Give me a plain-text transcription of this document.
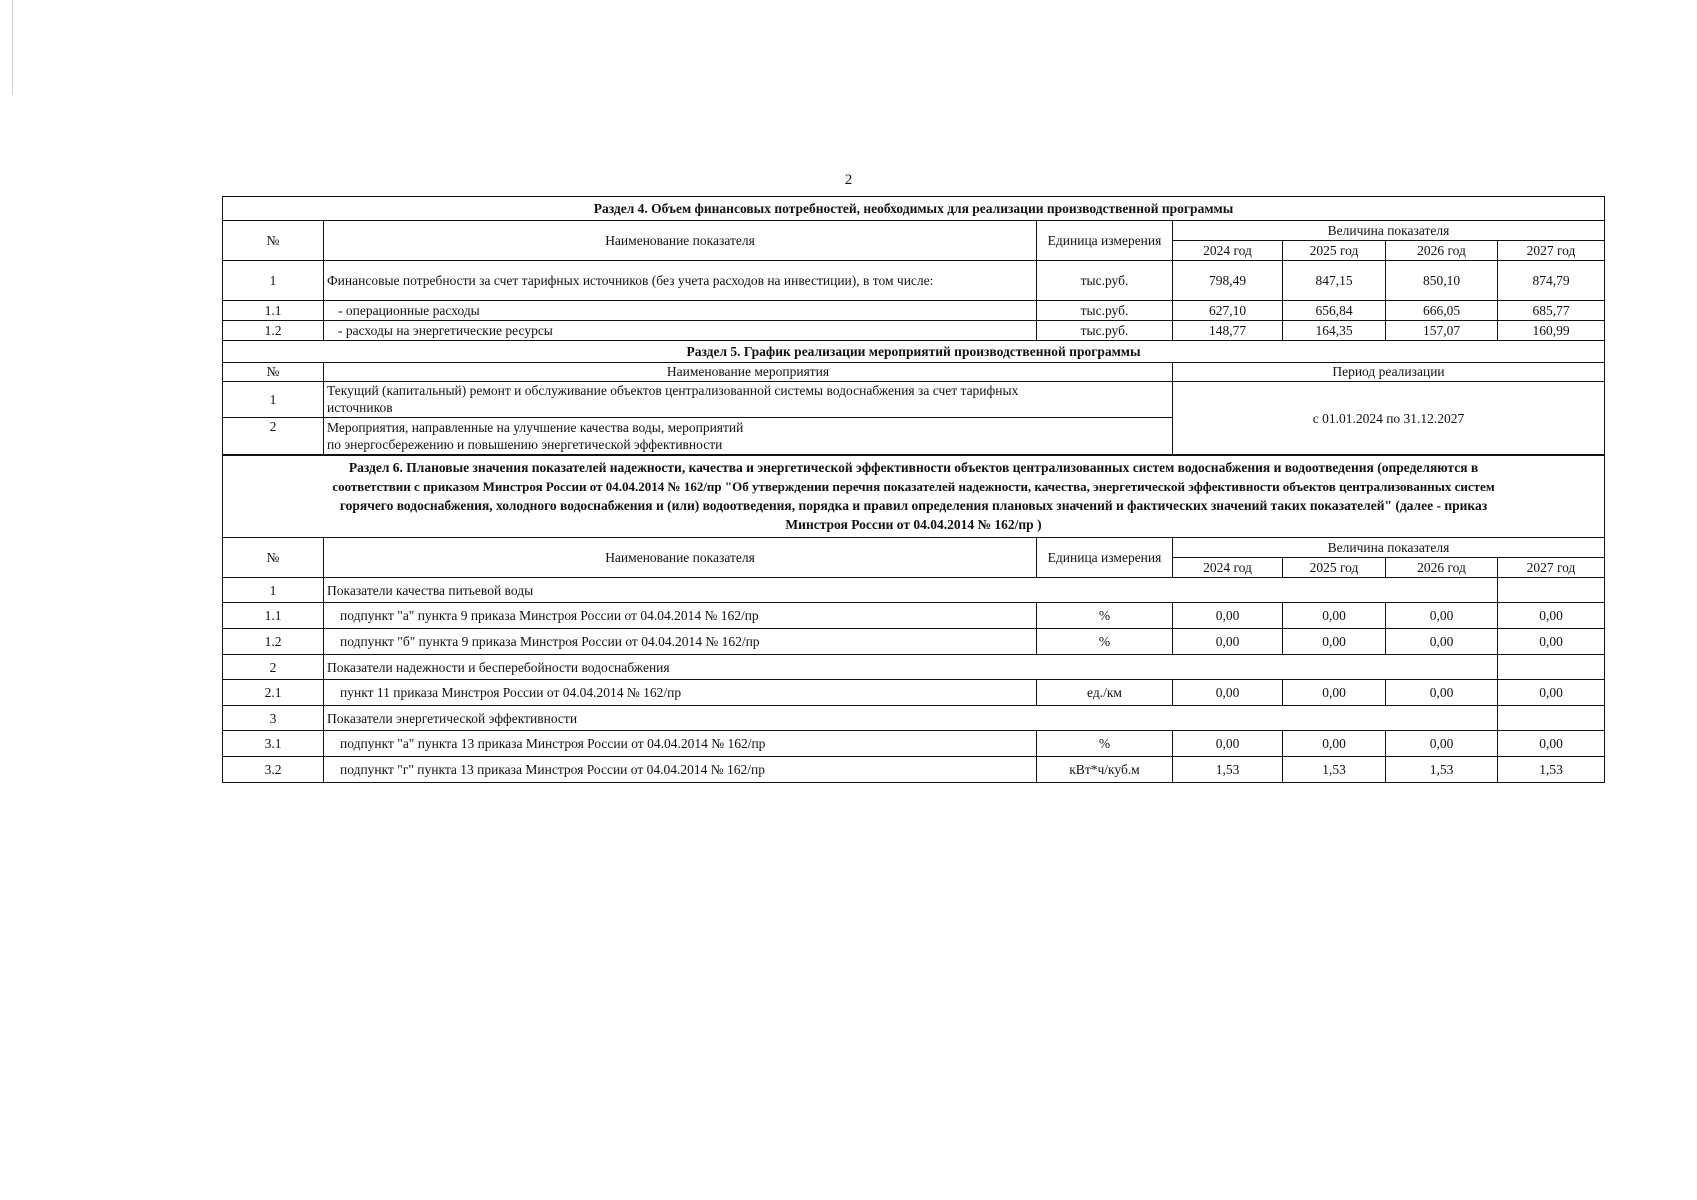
2
Раздел 4. Объем финансовых потребностей, необходимых для реализации производственной программы						
№	Наименование показателя	Единица измерения	Величина показателя			
			2024 год	2025 год	2026 год	2027 год
1	Финансовые потребности за счет тарифных источников (без учета расходов на инвестиции), в том числе:	тыс.руб.	798,49	847,15	850,10	874,79
1.1	- операционные расходы	тыс.руб.	627,10	656,84	666,05	685,77
1.2	- расходы на энергетические ресурсы	тыс.руб.	148,77	164,35	157,07	160,99
Раздел 5. График реализации мероприятий производственной программы		
№	Наименование мероприятия	Период реализации
1	Текущий (капитальный) ремонт и обслуживание объектов централизованной системы водоснабжения за счет тарифных
источников	с 01.01.2024 по 31.12.2027
2	Мероприятия, направленные на улучшение качества воды, мероприятий
по энергосбережению и повышению энергетической эффективности	
Раздел 6. Плановые значения показателей надежности, качества и энергетической эффективности объектов централизованных систем водоснабжения и водоотведения (определяются в
соответствии с приказом Минстроя России от 04.04.2014 № 162/пр "Об утверждении перечня показателей надежности, качества, энергетической эффективности объектов централизованных систем
горячего водоснабжения, холодного водоснабжения и (или) водоотведения, порядка и правил определения плановых значений и фактических значений таких показателей" (далее - приказ
Минстроя России от 04.04.2014 № 162/пр )						

№	Наименование показателя	Единица измерения	Величина показателя			
			2024 год	2025 год	2026 год	2027 год
1	Показатели качества питьевой воды					
1.1	подпункт "а" пункта 9 приказа Минстроя России от 04.04.2014 № 162/пр	%	0,00	0,00	0,00	0,00
1.2	подпункт "б" пункта 9 приказа Минстроя России от 04.04.2014 № 162/пр	%	0,00	0,00	0,00	0,00
2	Показатели надежности и бесперебойности водоснабжения					
2.1	пункт 11 приказа Минстроя России от 04.04.2014 № 162/пр	ед./км	0,00	0,00	0,00	0,00
3	Показатели энергетической эффективности					
3.1	подпункт "а" пункта 13 приказа Минстроя России от 04.04.2014 № 162/пр	%	0,00	0,00	0,00	0,00
3.2	подпункт "г" пункта 13 приказа Минстроя России от 04.04.2014 № 162/пр	кВт*ч/куб.м	1,53	1,53	1,53	1,53
